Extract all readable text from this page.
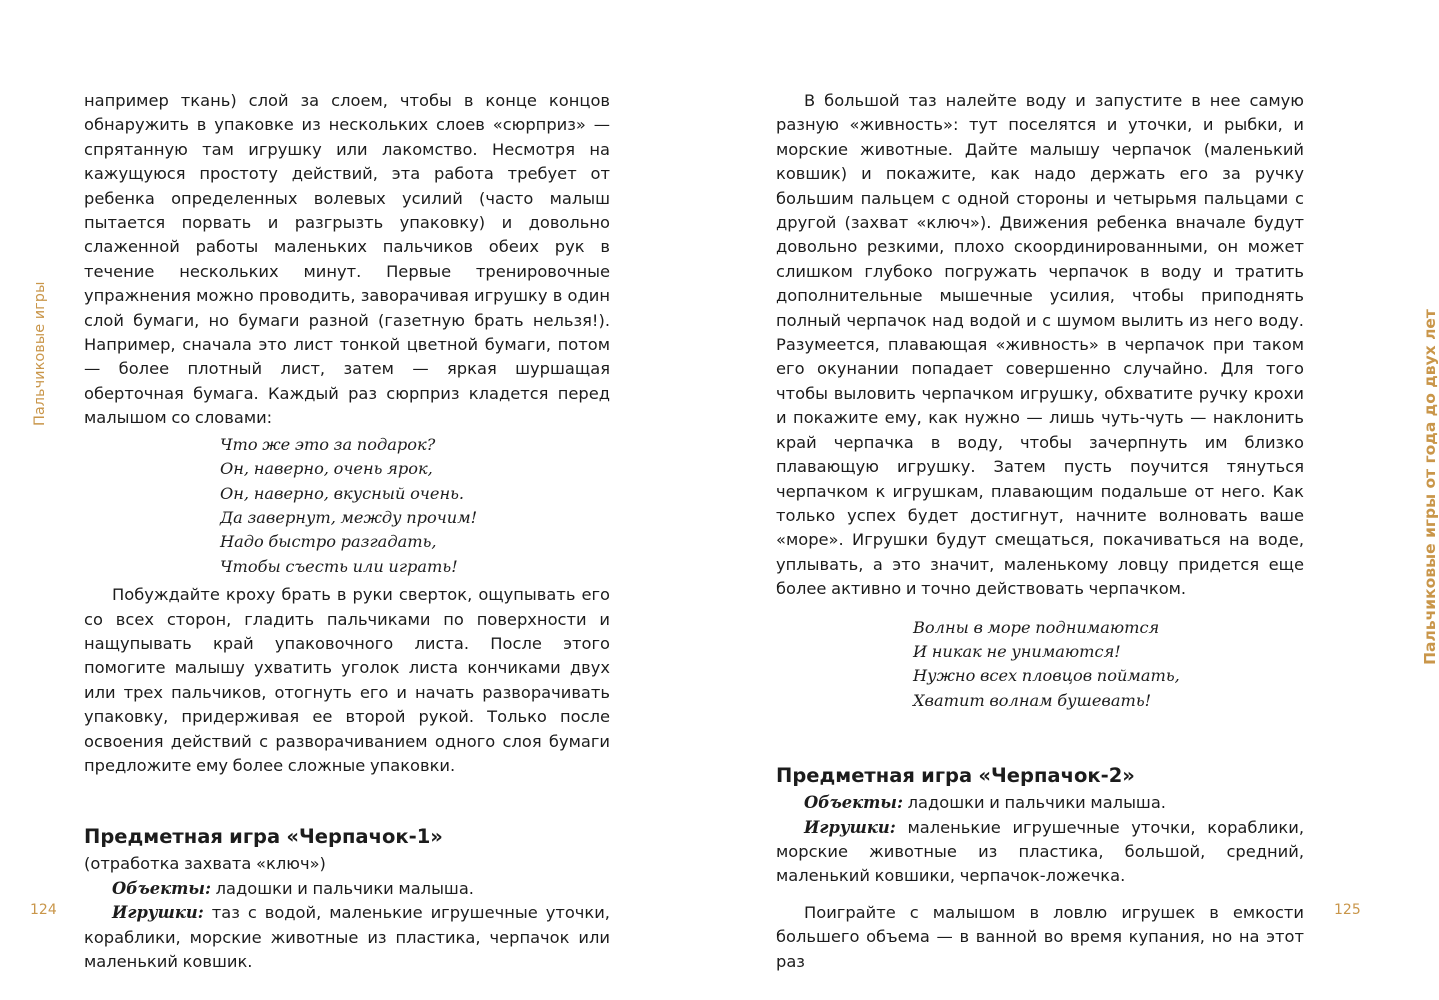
Пальчиковые игры

например ткань) слой за слоем, чтобы в конце концов обнаружить в упаковке из нескольких слоев «сюрприз» — спрятанную там игрушку или лакомство. Несмотря на кажущуюся простоту действий, эта работа требует от ребенка определенных волевых усилий (часто малыш пытается порвать и разгрызть упаковку) и довольно слаженной работы маленьких пальчиков обеих рук в течение нескольких минут. Первые тренировочные упражнения можно проводить, заворачивая игрушку в один слой бумаги, но бумаги разной (газетную брать нельзя!). Например, сначала это лист тонкой цветной бумаги, потом — более плотный лист, затем — яркая шуршащая оберточная бумага. Каждый раз сюрприз кладется перед малышом со словами:

Что же это за подарок?
Он, наверно, очень ярок,
Он, наверно, вкусный очень.
Да завернут, между прочим!
Надо быстро разгадать,
Чтобы съесть или играть!

Побуждайте кроху брать в руки сверток, ощупывать его со всех сторон, гладить пальчиками по поверхности и нащупывать край упаковочного листа. После этого помогите малышу ухватить уголок листа кончиками двух или трех пальчиков, отогнуть его и начать разворачивать упаковку, придерживая ее второй рукой. Только после освоения действий с разворачиванием одного слоя бумаги предложите ему более сложные упаковки.

Предметная игра «Черпачок-1»

(отработка захвата «ключ»)

Объекты: ладошки и пальчики малыша.

Игрушки: таз с водой, маленькие игрушечные уточки, кораблики, морские животные из пластика, черпачок или маленький ковшик.

124

В большой таз налейте воду и запустите в нее самую разную «живность»: тут поселятся и уточки, и рыбки, и морские животные. Дайте малышу черпачок (маленький ковшик) и покажите, как надо держать его за ручку большим пальцем с одной стороны и четырьмя пальцами с другой (захват «ключ»). Движения ребенка вначале будут довольно резкими, плохо скоординированными, он может слишком глубоко погружать черпачок в воду и тратить дополнительные мышечные усилия, чтобы приподнять полный черпачок над водой и с шумом вылить из него воду. Разумеется, плавающая «живность» в черпачок при таком его окунании попадает совершенно случайно. Для того чтобы выловить черпачком игрушку, обхватите ручку крохи и покажите ему, как нужно — лишь чуть-чуть — наклонить край черпачка в воду, чтобы зачерпнуть им близко плавающую игрушку. Затем пусть поучится тянуться черпачком к игрушкам, плавающим подальше от него. Как только успех будет достигнут, начните волновать ваше «море». Игрушки будут смещаться, покачиваться на воде, уплывать, а это значит, маленькому ловцу придется еще более активно и точно действовать черпачком.

Волны в море поднимаются
И никак не унимаются!
Нужно всех пловцов поймать,
Хватит волнам бушевать!
Предметная игра «Черпачок-2»

Объекты: ладошки и пальчики малыша.

Игрушки: маленькие игрушечные уточки, кораблики, морские животные из пластика, большой, средний, маленький ковшики, черпачок-ложечка.

Поиграйте с малышом в ловлю игрушек в емкости большего объема — в ванной во время купания, но на этот раз

Пальчиковые игры от года до двух лет
125
